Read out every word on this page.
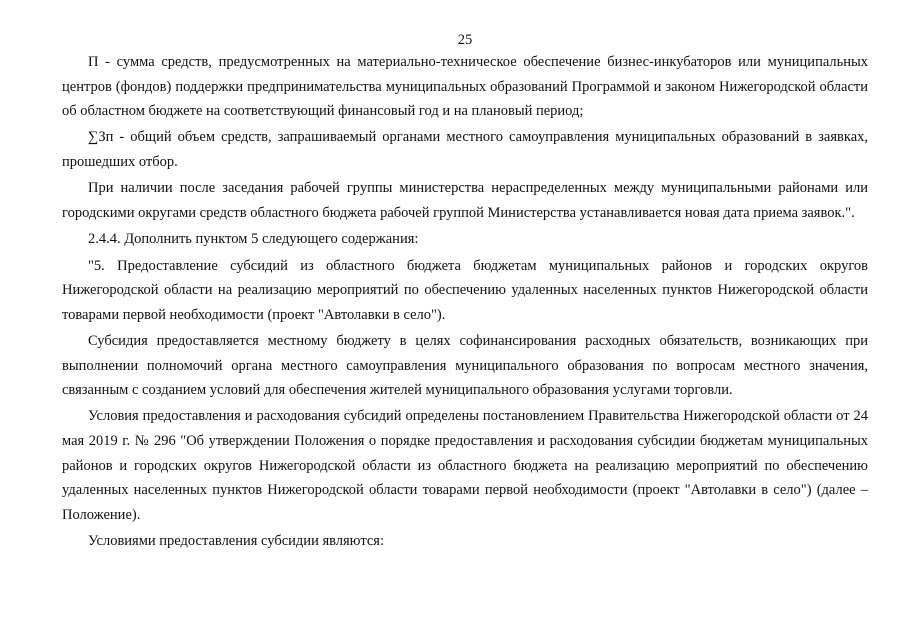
25

П - сумма средств, предусмотренных на материально-техническое обеспечение бизнес-инкубаторов или муниципальных центров (фондов) поддержки предпринимательства муниципальных образований Программой и законом Нижегородской области об областном бюджете на соответствующий финансовый год и на плановый период;

∑Зп - общий объем средств, запрашиваемый органами местного самоуправления муниципальных образований в заявках, прошедших отбор.

При наличии после заседания рабочей группы министерства нераспределенных между муниципальными районами или городскими округами средств областного бюджета рабочей группой Министерства устанавливается новая дата приема заявок.".

2.4.4. Дополнить пунктом 5 следующего содержания:

"5. Предоставление субсидий из областного бюджета бюджетам муниципальных районов и городских округов Нижегородской области на реализацию мероприятий по обеспечению удаленных населенных пунктов Нижегородской области товарами первой необходимости (проект "Автолавки в село").

Субсидия предоставляется местному бюджету в целях софинансирования расходных обязательств, возникающих при выполнении полномочий органа местного самоуправления муниципального образования по вопросам местного значения, связанным с созданием условий для обеспечения жителей муниципального образования услугами торговли.

Условия предоставления и расходования субсидий определены постановлением Правительства Нижегородской области от 24 мая 2019 г. № 296 "Об утверждении Положения о порядке предоставления и расходования субсидии бюджетам муниципальных районов и городских округов Нижегородской области из областного бюджета на реализацию мероприятий по обеспечению удаленных населенных пунктов Нижегородской области товарами первой необходимости (проект "Автолавки в село") (далее – Положение).

Условиями предоставления субсидии являются:
